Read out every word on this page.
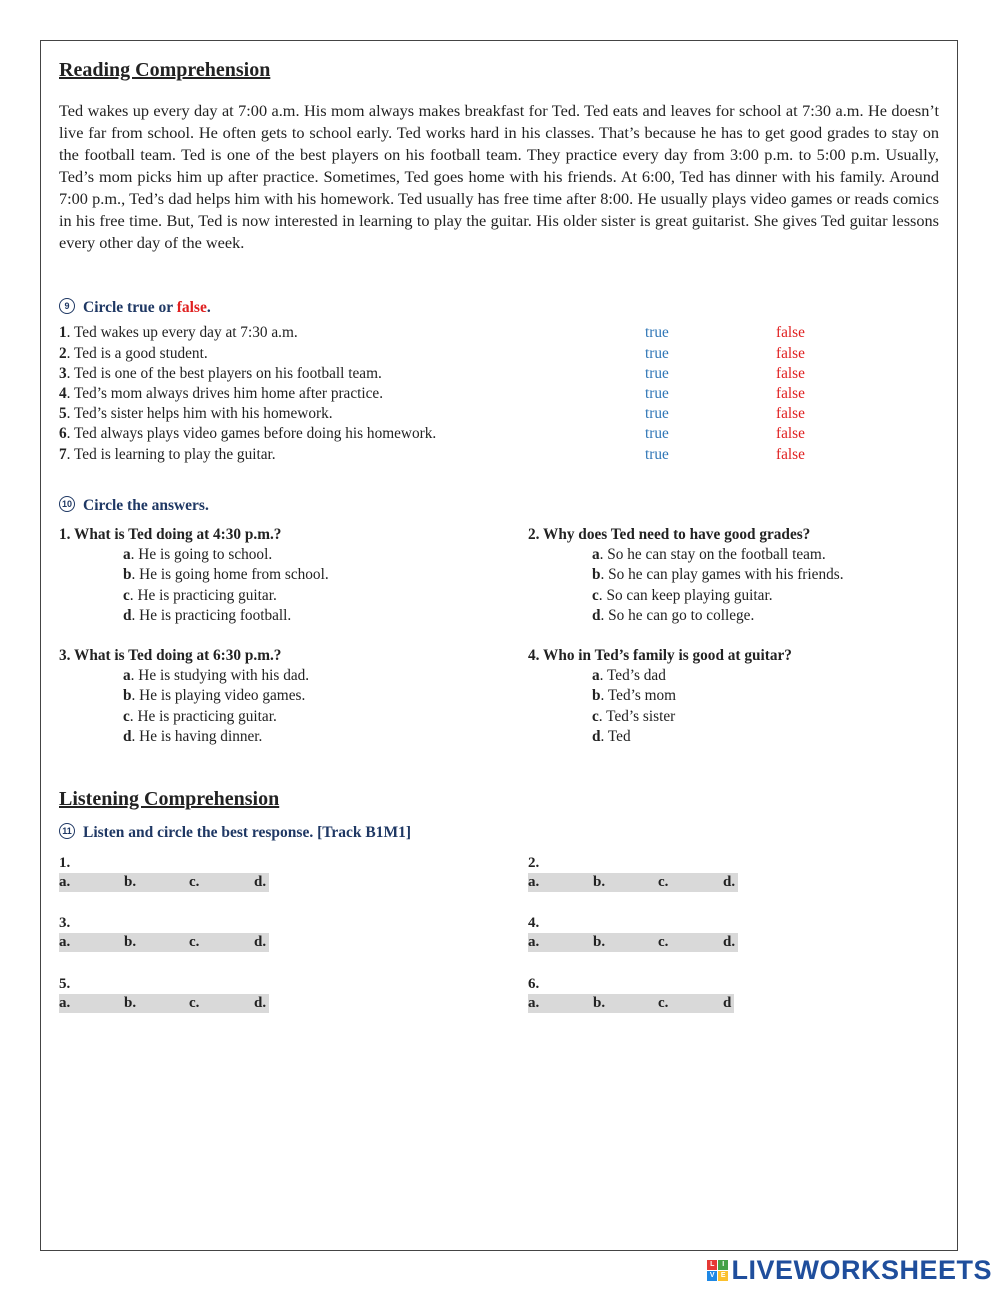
Reading Comprehension
Ted wakes up every day at 7:00 a.m. His mom always makes breakfast for Ted. Ted eats and leaves for school at 7:30 a.m. He doesn’t live far from school. He often gets to school early. Ted works hard in his classes. That’s because he has to get good grades to stay on the football team. Ted is one of the best players on his football team. They practice every day from 3:00 p.m. to 5:00 p.m. Usually, Ted’s mom picks him up after practice. Sometimes, Ted goes home with his friends. At 6:00, Ted has dinner with his family. Around 7:00 p.m., Ted’s dad helps him with his homework. Ted usually has free time after 8:00. He usually plays video games or reads comics in his free time. But, Ted is now interested in learning to play the guitar. His older sister is great guitarist. She gives Ted guitar lessons every other day of the week.
9 Circle true or false.
1. Ted wakes up every day at 7:30 a.m.	true	false
2. Ted is a good student.	true	false
3. Ted is one of the best players on his football team.	true	false
4. Ted’s mom always drives him home after practice.	true	false
5. Ted’s sister helps him with his homework.	true	false
6. Ted always plays video games before doing his homework.	true	false
7. Ted is learning to play the guitar.	true	false
10 Circle the answers.
1. What is Ted doing at 4:30 p.m.?
a. He is going to school.
b. He is going home from school.
c. He is practicing guitar.
d. He is practicing football.
2. Why does Ted need to have good grades?
a. So he can stay on the football team.
b. So he can play games with his friends.
c. So can keep playing guitar.
d. So he can go to college.
3. What is Ted doing at 6:30 p.m.?
a. He is studying with his dad.
b. He is playing video games.
c. He is practicing guitar.
d. He is having dinner.
4. Who in Ted’s family is good at guitar?
a. Ted’s dad
b. Ted’s mom
c. Ted’s sister
d. Ted
Listening Comprehension
11 Listen and circle the best response. [Track B1M1]
1.
a.	b.	c.	d.
2.
a.	b.	c.	d.
3.
a.	b.	c.	d.
4.
a.	b.	c.	d.
5.
a.	b.	c.	d.
6.
a.	b.	c.	d
L	I
V E LIVEWORKSHEETS
